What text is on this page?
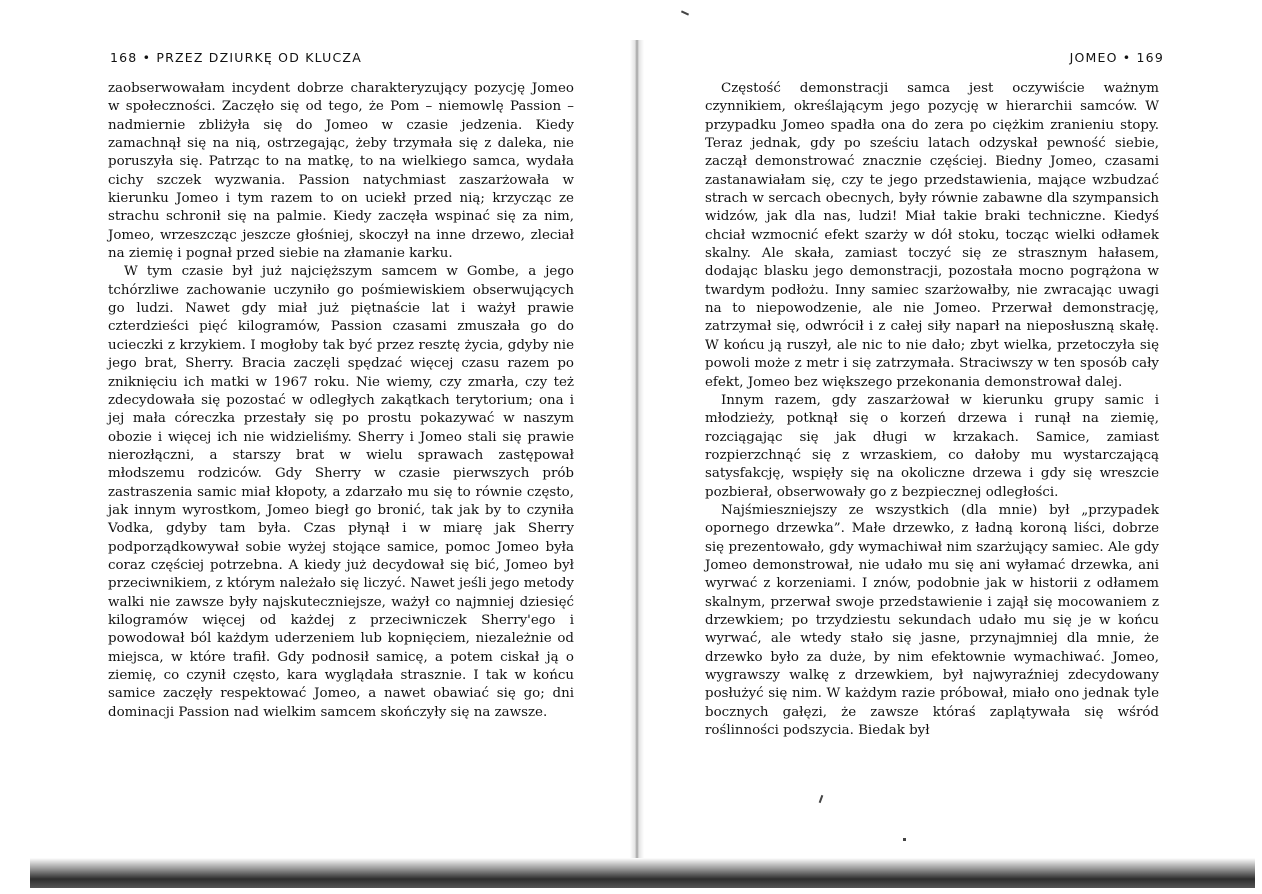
168 • PRZEZ DZIURKĘ OD KLUCZA	JOMEO • 169

zaobserwowałam incydent dobrze charakteryzujący pozycję Jomeo w społeczności. Zaczęło się od tego, że Pom – niemowlę Passion – nadmiernie zbliżyła się do Jomeo w czasie jedzenia. Kiedy zamachnął się na nią, ostrzegając, żeby trzymała się z daleka, nie poruszyła się. Patrząc to na matkę, to na wielkiego samca, wydała cichy szczek wyzwania. Passion natychmiast zaszarżowała w kierunku Jomeo i tym razem to on uciekł przed nią; krzycząc ze strachu schronił się na palmie. Kiedy zaczęła wspinać się za nim, Jomeo, wrzeszcząc jeszcze głośniej, skoczył na inne drzewo, zleciał na ziemię i pognał przed siebie na złamanie karku.

W tym czasie był już najcięższym samcem w Gombe, a jego tchórzliwe zachowanie uczyniło go pośmiewiskiem obserwujących go ludzi. Nawet gdy miał już piętnaście lat i ważył prawie czterdzieści pięć kilogramów, Passion czasami zmuszała go do ucieczki z krzykiem. I mogłoby tak być przez resztę życia, gdyby nie jego brat, Sherry. Bracia zaczęli spędzać więcej czasu razem po zniknięciu ich matki w 1967 roku. Nie wiemy, czy zmarła, czy też zdecydowała się pozostać w odległych zakątkach terytorium; ona i jej mała córeczka przestały się po prostu pokazywać w naszym obozie i więcej ich nie widzieliśmy. Sherry i Jomeo stali się prawie nierozłączni, a starszy brat w wielu sprawach zastępował młodszemu rodziców. Gdy Sherry w czasie pierwszych prób zastraszenia samic miał kłopoty, a zdarzało mu się to równie często, jak innym wyrostkom, Jomeo biegł go bronić, tak jak by to czyniła Vodka, gdyby tam była. Czas płynął i w miarę jak Sherry podporządkowywał sobie wyżej stojące samice, pomoc Jomeo była coraz częściej potrzebna. A kiedy już decydował się bić, Jomeo był przeciwnikiem, z którym należało się liczyć. Nawet jeśli jego metody walki nie zawsze były najskuteczniejsze, ważył co najmniej dziesięć kilogramów więcej od każdej z przeciwniczek Sherry'ego i powodował ból każdym uderzeniem lub kopnięciem, niezależnie od miejsca, w które trafił. Gdy podnosił samicę, a potem ciskał ją o ziemię, co czynił często, kara wyglądała strasznie. I tak w końcu samice zaczęły respektować Jomeo, a nawet obawiać się go; dni dominacji Passion nad wielkim samcem skończyły się na zawsze.

Częstość demonstracji samca jest oczywiście ważnym czynnikiem, określającym jego pozycję w hierarchii samców. W przypadku Jomeo spadła ona do zera po ciężkim zranieniu stopy. Teraz jednak, gdy po sześciu latach odzyskał pewność siebie, zaczął demonstrować znacznie częściej. Biedny Jomeo, czasami zastanawiałam się, czy te jego przedstawienia, mające wzbudzać strach w sercach obecnych, były równie zabawne dla szympansich widzów, jak dla nas, ludzi! Miał takie braki techniczne. Kiedyś chciał wzmocnić efekt szarży w dół stoku, tocząc wielki odłamek skalny. Ale skała, zamiast toczyć się ze strasznym hałasem, dodając blasku jego demonstracji, pozostała mocno pogrążona w twardym podłożu. Inny samiec szarżowałby, nie zwracając uwagi na to niepowodzenie, ale nie Jomeo. Przerwał demonstrację, zatrzymał się, odwrócił i z całej siły naparł na nieposłuszną skałę. W końcu ją ruszył, ale nic to nie dało; zbyt wielka, przetoczyła się powoli może z metr i się zatrzymała. Straciwszy w ten sposób cały efekt, Jomeo bez większego przekonania demonstrował dalej.

Innym razem, gdy zaszarżował w kierunku grupy samic i młodzieży, potknął się o korzeń drzewa i runął na ziemię, rozciągając się jak długi w krzakach. Samice, zamiast rozpierzchnąć się z wrzaskiem, co dałoby mu wystarczającą satysfakcję, wspięły się na okoliczne drzewa i gdy się wreszcie pozbierał, obserwowały go z bezpiecznej odległości.

Najśmieszniejszy ze wszystkich (dla mnie) był „przypadek opornego drzewka”. Małe drzewko, z ładną koroną liści, dobrze się prezentowało, gdy wymachiwał nim szarżujący samiec. Ale gdy Jomeo demonstrował, nie udało mu się ani wyłamać drzewka, ani wyrwać z korzeniami. I znów, podobnie jak w historii z odłamem skalnym, przerwał swoje przedstawienie i zajął się mocowaniem z drzewkiem; po trzydziestu sekundach udało mu się je w końcu wyrwać, ale wtedy stało się jasne, przynajmniej dla mnie, że drzewko było za duże, by nim efektownie wymachiwać. Jomeo, wygrawszy walkę z drzewkiem, był najwyraźniej zdecydowany posłużyć się nim. W każdym razie próbował, miało ono jednak tyle bocznych gałęzi, że zawsze któraś zaplątywała się wśród roślinności podszycia. Biedak był
